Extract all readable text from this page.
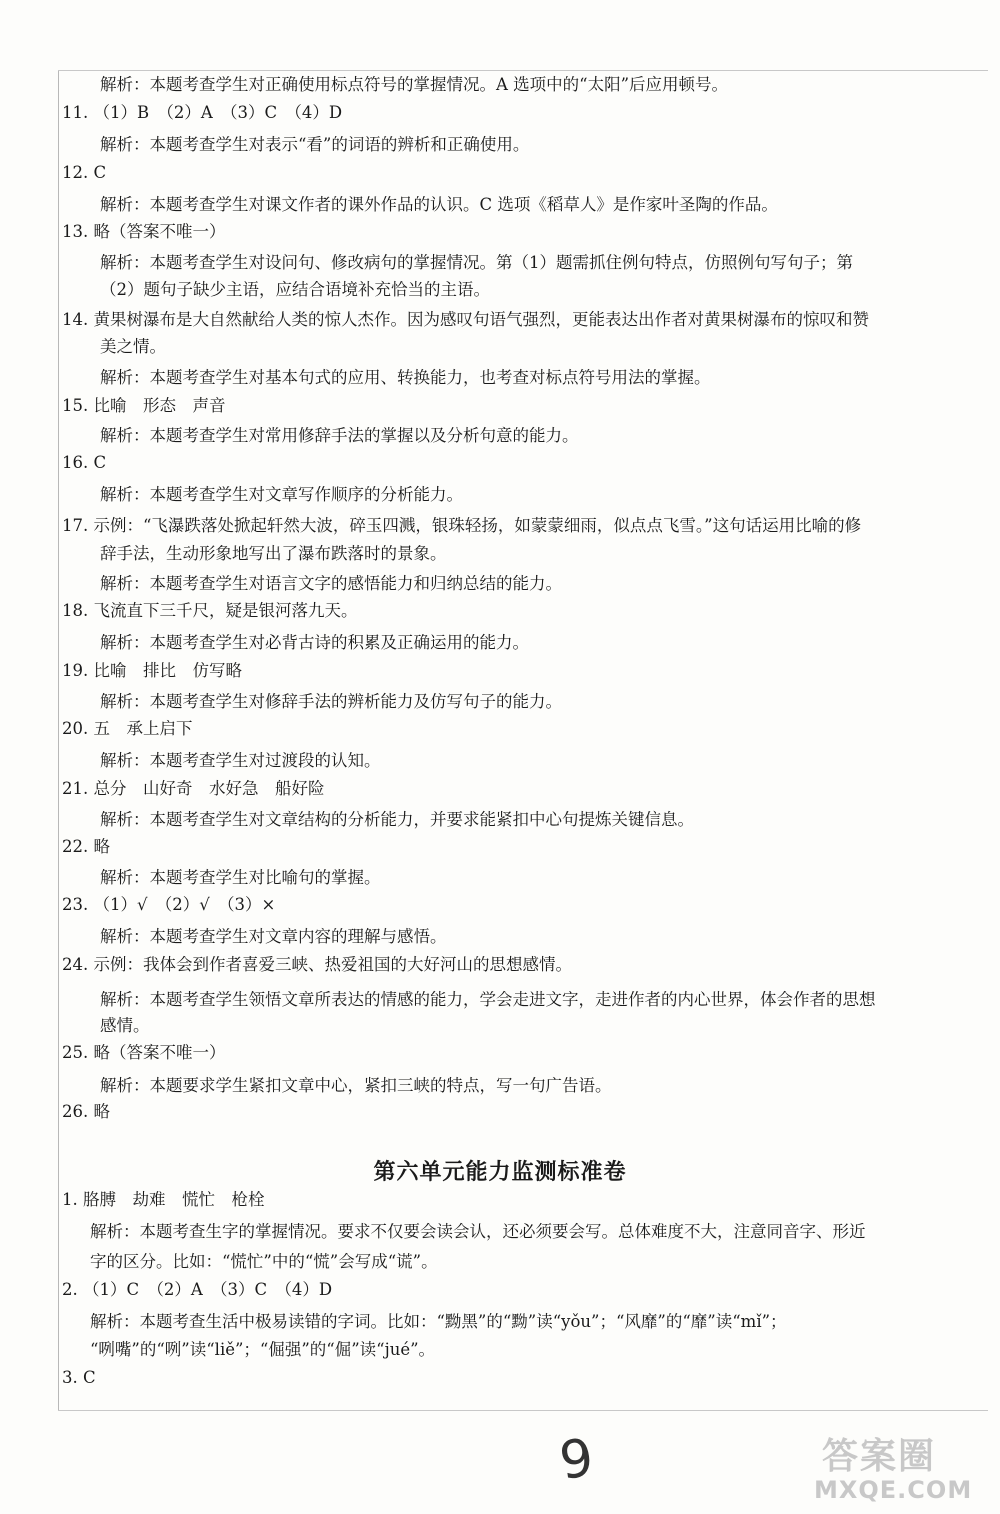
解析：本题考查学生对正确使用标点符号的掌握情况。A 选项中的“太阳”后应用顿号。
11. （1）B　（2）A　（3）C　（4）D
解析：本题考查学生对表示“看”的词语的辨析和正确使用。
12. C
解析：本题考查学生对课文作者的课外作品的认识。C 选项《稻草人》是作家叶圣陶的作品。
13. 略（答案不唯一）
解析：本题考查学生对设问句、修改病句的掌握情况。第（1）题需抓住例句特点，仿照例句写句子；第
（2）题句子缺少主语，应结合语境补充恰当的主语。
14. 黄果树瀑布是大自然献给人类的惊人杰作。因为感叹句语气强烈，更能表达出作者对黄果树瀑布的惊叹和赞
美之情。
解析：本题考查学生对基本句式的应用、转换能力，也考查对标点符号用法的掌握。
15. 比喻　形态　声音
解析：本题考查学生对常用修辞手法的掌握以及分析句意的能力。
16. C
解析：本题考查学生对文章写作顺序的分析能力。
17. 示例：“飞瀑跌落处掀起轩然大波，碎玉四溅，银珠轻扬，如蒙蒙细雨，似点点飞雪。”这句话运用比喻的修
辞手法，生动形象地写出了瀑布跌落时的景象。
解析：本题考查学生对语言文字的感悟能力和归纳总结的能力。
18. 飞流直下三千尺，疑是银河落九天。
解析：本题考查学生对必背古诗的积累及正确运用的能力。
19. 比喻　排比　仿写略
解析：本题考查学生对修辞手法的辨析能力及仿写句子的能力。
20. 五　承上启下
解析：本题考查学生对过渡段的认知。
21. 总分　山好奇　水好急　船好险
解析：本题考查学生对文章结构的分析能力，并要求能紧扣中心句提炼关键信息。
22. 略
解析：本题考查学生对比喻句的掌握。
23. （1）√　（2）√　（3）×
解析：本题考查学生对文章内容的理解与感悟。
24. 示例：我体会到作者喜爱三峡、热爱祖国的大好河山的思想感情。
解析：本题考查学生领悟文章所表达的情感的能力，学会走进文字，走进作者的内心世界，体会作者的思想
感情。
25. 略（答案不唯一）
解析：本题要求学生紧扣文章中心，紧扣三峡的特点，写一句广告语。
26. 略
1. 胳膊　劫难　慌忙　枪栓
解析：本题考查生字的掌握情况。要求不仅要会读会认，还必须要会写。总体难度不大，注意同音字、形近
字的区分。比如：“慌忙”中的“慌”会写成“谎”。
2. （1）C　（2）A　（3）C　（4）D
解析：本题考查生活中极易读错的字词。比如：“黝黑”的“黝”读“yǒu”；“风靡”的“靡”读“mǐ”；
“咧嘴”的“咧”读“liě”；“倔强”的“倔”读“jué”。
3. C
第六单元能力监测标准卷
9	答案圈
MXQE.COM
